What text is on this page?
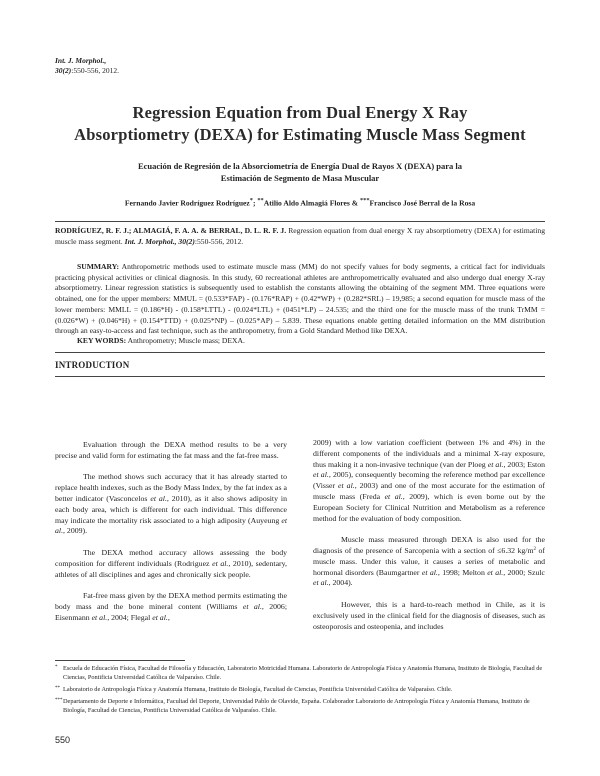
Int. J. Morphol.,
30(2):550-556, 2012.
Regression Equation from Dual Energy X Ray
Absorptiometry (DEXA) for Estimating Muscle Mass Segment
Ecuación de Regresión de la Absorciometría de Energía Dual de Rayos X (DEXA) para la
Estimación de Segmento de Masa Muscular
Fernando Javier Rodríguez Rodríguez*; **Atilio Aldo Almagiá Flores & ***Francisco José Berral de la Rosa
RODRÍGUEZ, R. F. J.; ALMAGIÁ, F. A. A. & BERRAL, D. L. R. F. J. Regression equation from dual energy X ray absorptiometry (DEXA) for estimating muscle mass segment. Int. J. Morphol., 30(2):550-556, 2012.
SUMMARY: Anthropometric methods used to estimate muscle mass (MM) do not specify values for body segments, a critical fact for individuals practicing physical activities or clinical diagnosis. In this study, 60 recreational athletes are anthropometrically evaluated and also undergo dual energy X-ray absorptiometry. Linear regression statistics is subsequently used to establish the constants allowing the obtaining of the segment MM. Three equations were obtained, one for the upper members: MMUL = (0.533*FAP) - (0.176*RAP) + (0.42*WP) + (0.282*SRL) – 19,985; a second equation for muscle mass of the lower members: MMLL = (0.186*H) - (0.158*LTTL) - (0.024*LTL) + (0451*LP) – 24.535; and the third one for the muscle mass of the trunk TrMM = (0.026*W) + (0.046*H) + (0.154*TTD) + (0.025*NP) – (0.025*AP) – 5.839. These equations enable getting detailed information on the MM distribution through an easy-to-access and fast technique, such as the anthropometry, from a Gold Standard Method like DEXA.
KEY WORDS: Anthropometry; Muscle mass; DEXA.
INTRODUCTION

Evaluation through the DEXA method results to be a very precise and valid form for estimating the fat mass and the fat-free mass.

The method shows such accuracy that it has already started to replace health indexes, such as the Body Mass Index, by the fat index as a better indicator (Vasconcelos et al., 2010), as it also shows adiposity in each body area, which is different for each individual. This difference may indicate the mortality risk associated to a high adiposity (Auyeung et al., 2009).

The DEXA method accuracy allows assessing the body composition for different individuals (Rodriguez et al., 2010), sedentary, athletes of all disciplines and ages and chronically sick people.

Fat-free mass given by the DEXA method permits estimating the body mass and the bone mineral content (Williams et al., 2006; Eisenmann et al., 2004; Flegal et al.,

2009) with a low variation coefficient (between 1% and 4%) in the different components of the individuals and a minimal X-ray exposure, thus making it a non-invasive technique (van der Ploeg et al., 2003; Eston et al., 2005), consequently becoming the reference method par excellence (Visser et al., 2003) and one of the most accurate for the estimation of muscle mass (Freda et al., 2009), which is even borne out by the European Society for Clinical Nutrition and Metabolism as a reference method for the evaluation of body composition.

Muscle mass measured through DEXA is also used for the diagnosis of the presence of Sarcopenia with a section of ≤6.32 $kg/m^2$ of muscle mass. Under this value, it causes a series of metabolic and hormonal disorders (Baumgartner et al., 1998; Melton et al., 2000; Szulc et al., 2004).

However, this is a hard-to-reach method in Chile, as it is exclusively used in the clinical field for the diagnosis of diseases, such as osteoporosis and osteopenia, and includes

* Escuela de Educación Física, Facultad de Filosofía y Educación, Laboratorio Motricidad Humana. Laboratorio de Antropología Física y Anatomía Humana, Instituto de Biología, Facultad de Ciencias, Pontificia Universidad Católica de Valparaíso. Chile.
** Laboratorio de Antropología Física y Anatomía Humana, Instituto de Biología, Facultad de Ciencias, Pontificia Universidad Católica de Valparaíso. Chile.
*** Departamento de Deporte e Informática, Facultad del Deporte, Universidad Pablo de Olavide, España. Colaborador Laboratorio de Antropología Física y Anatomía Humana, Instituto de Biología, Facultad de Ciencias, Pontificia Universidad Católica de Valparaíso. Chile.
550
